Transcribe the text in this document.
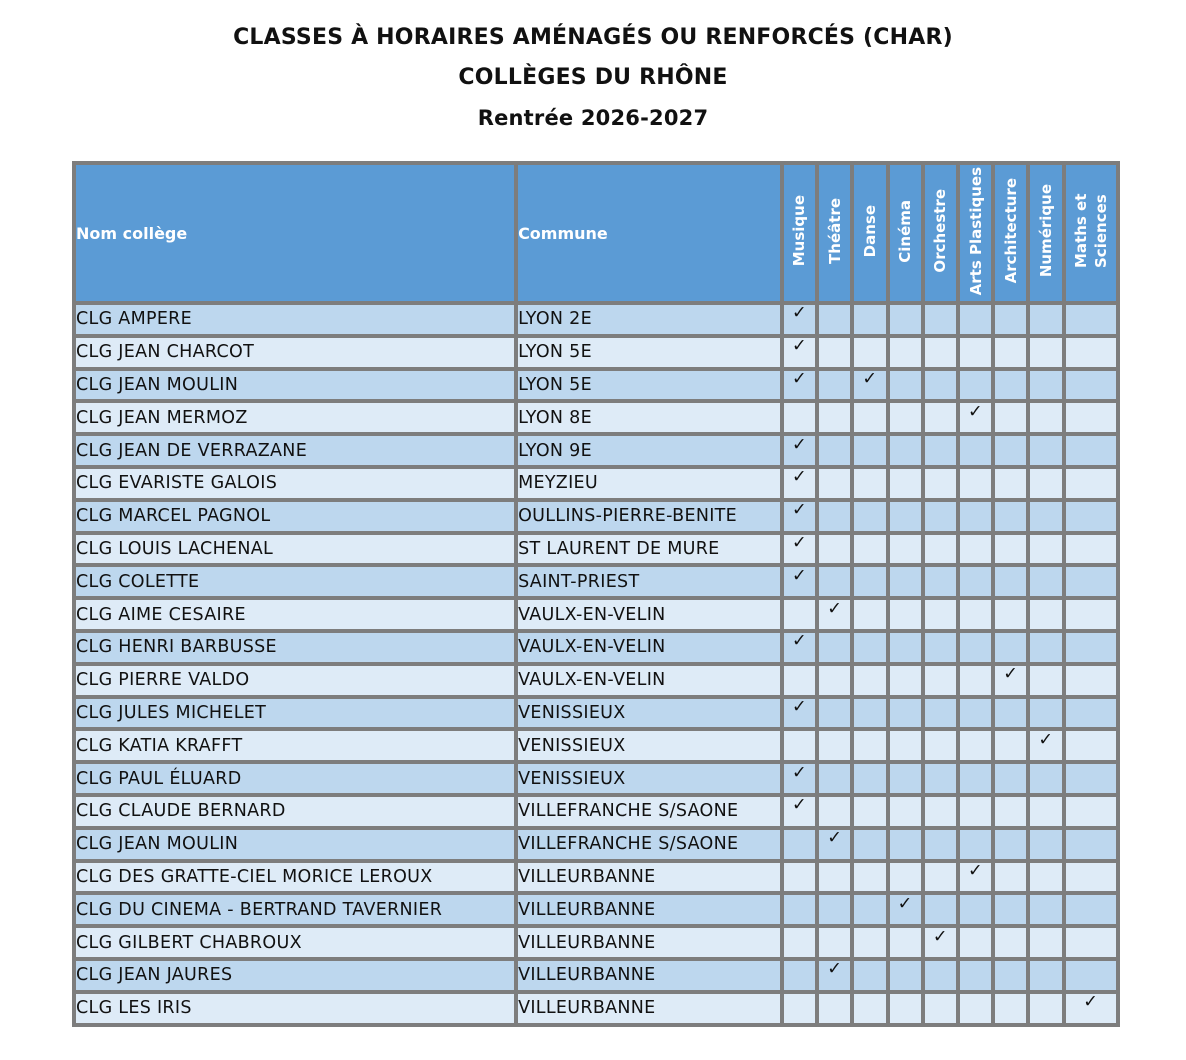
CLASSES À HORAIRES AMÉNAGÉS OU RENFORCÉS (CHAR)
COLLÈGES DU RHÔNE
Rentrée 2026-2027
Nom collège	Commune	Musique	Théâtre	Danse	Cinéma	Orchestre	Arts Plastiques	Architecture	Numérique	Maths et Sciences
CLG AMPERE	LYON 2E	✓								
CLG JEAN CHARCOT	LYON 5E	✓								
CLG JEAN MOULIN	LYON 5E	✓		✓						
CLG JEAN MERMOZ	LYON 8E						✓			
CLG JEAN DE VERRAZANE	LYON 9E	✓								
CLG EVARISTE GALOIS	MEYZIEU	✓								
CLG MARCEL PAGNOL	OULLINS-PIERRE-BENITE	✓								
CLG LOUIS LACHENAL	ST LAURENT DE MURE	✓								
CLG COLETTE	SAINT-PRIEST	✓								
CLG AIME CESAIRE	VAULX-EN-VELIN		✓							
CLG HENRI BARBUSSE	VAULX-EN-VELIN	✓								
CLG PIERRE VALDO	VAULX-EN-VELIN							✓		
CLG JULES MICHELET	VENISSIEUX	✓								
CLG KATIA KRAFFT	VENISSIEUX								✓	
CLG PAUL ÉLUARD	VENISSIEUX	✓								
CLG CLAUDE BERNARD	VILLEFRANCHE S/SAONE	✓								
CLG JEAN MOULIN	VILLEFRANCHE S/SAONE		✓							
CLG DES GRATTE-CIEL MORICE LEROUX	VILLEURBANNE						✓			
CLG DU CINEMA - BERTRAND TAVERNIER	VILLEURBANNE				✓					
CLG GILBERT CHABROUX	VILLEURBANNE					✓				
CLG JEAN JAURES	VILLEURBANNE		✓							
CLG LES IRIS	VILLEURBANNE									✓
